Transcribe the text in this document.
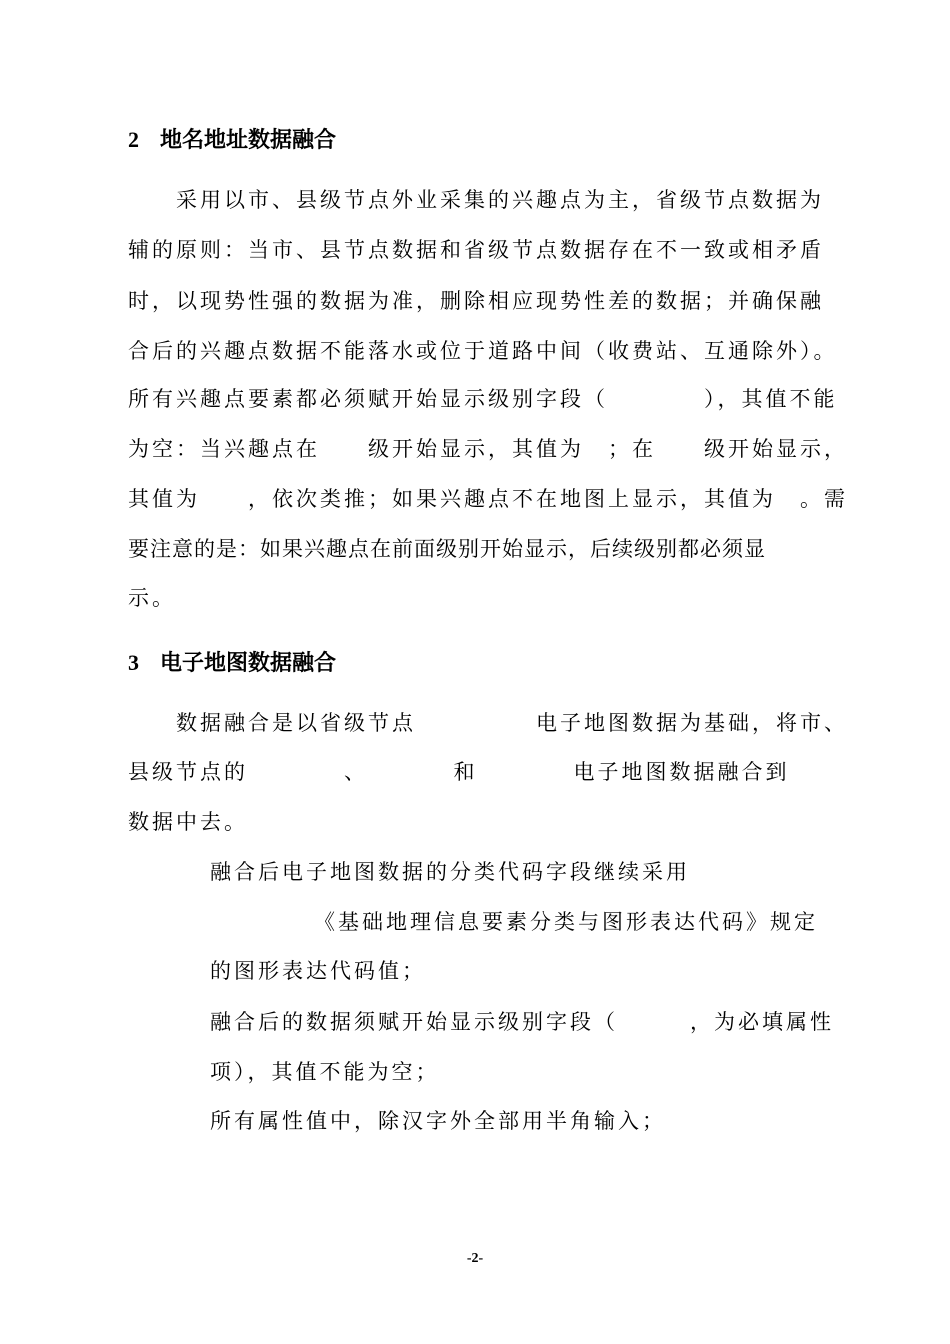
2 地名地址数据融合
采用以市、县级节点外业采集的兴趣点为主，省级节点数据为
辅的原则：当市、县节点数据和省级节点数据存在不一致或相矛盾
时，以现势性强的数据为准，删除相应现势性差的数据；并确保融
合后的兴趣点数据不能落水或位于道路中间（收费站、互通除外）。
所有兴趣点要素都必须赋开始显示级别字段（　　　　），其值不能
为空：当兴趣点在　　级开始显示，其值为　；在　　级开始显示，
其值为　　，依次类推；如果兴趣点不在地图上显示，其值为　。需
要注意的是：如果兴趣点在前面级别开始显示，后续级别都必须显
示。
3 电子地图数据融合
数据融合是以省级节点　　　　　电子地图数据为基础，将市、
县级节点的　　　　、　　　　和　　　　电子地图数据融合到
数据中去。
融合后电子地图数据的分类代码字段继续采用
《基础地理信息要素分类与图形表达代码》规定
的图形表达代码值；
融合后的数据须赋开始显示级别字段（　　　，为必填属性
项），其值不能为空；
所有属性值中，除汉字外全部用半角输入；
-2-
